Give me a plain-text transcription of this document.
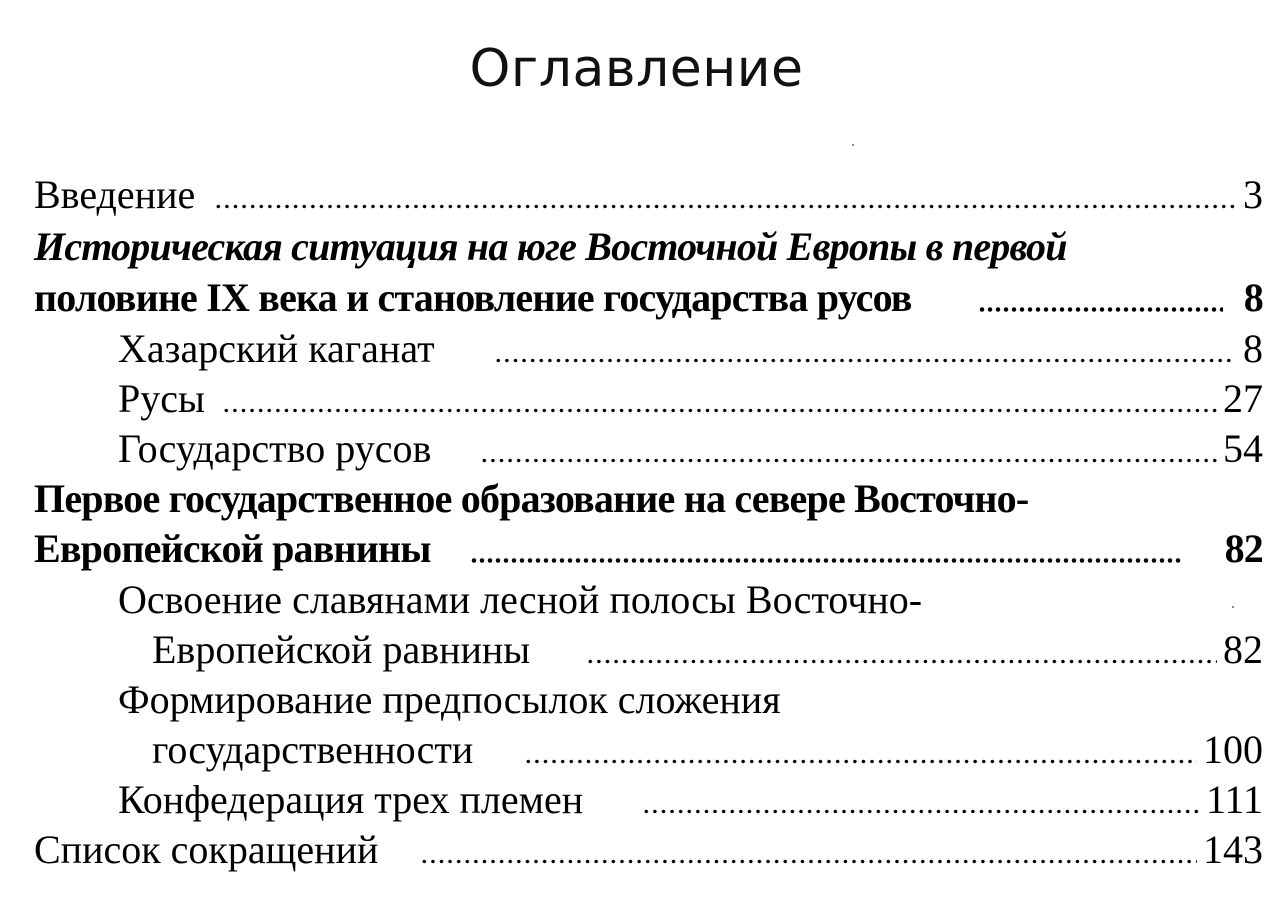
Оглавление
Введение	3
Историческая ситуация на юге Восточной Европы в первой
половине IX века и становление государства русов	8
Хазарский каганат	8
Русы	27
Государство русов	54
Первое государственное образование на севере Восточно-
Европейской равнины	82
Освоение славянами лесной полосы Восточно-
Европейской равнины	82
Формирование предпосылок сложения
государственности	100
Конфедерация трех племен	111
Список сокращений	143
